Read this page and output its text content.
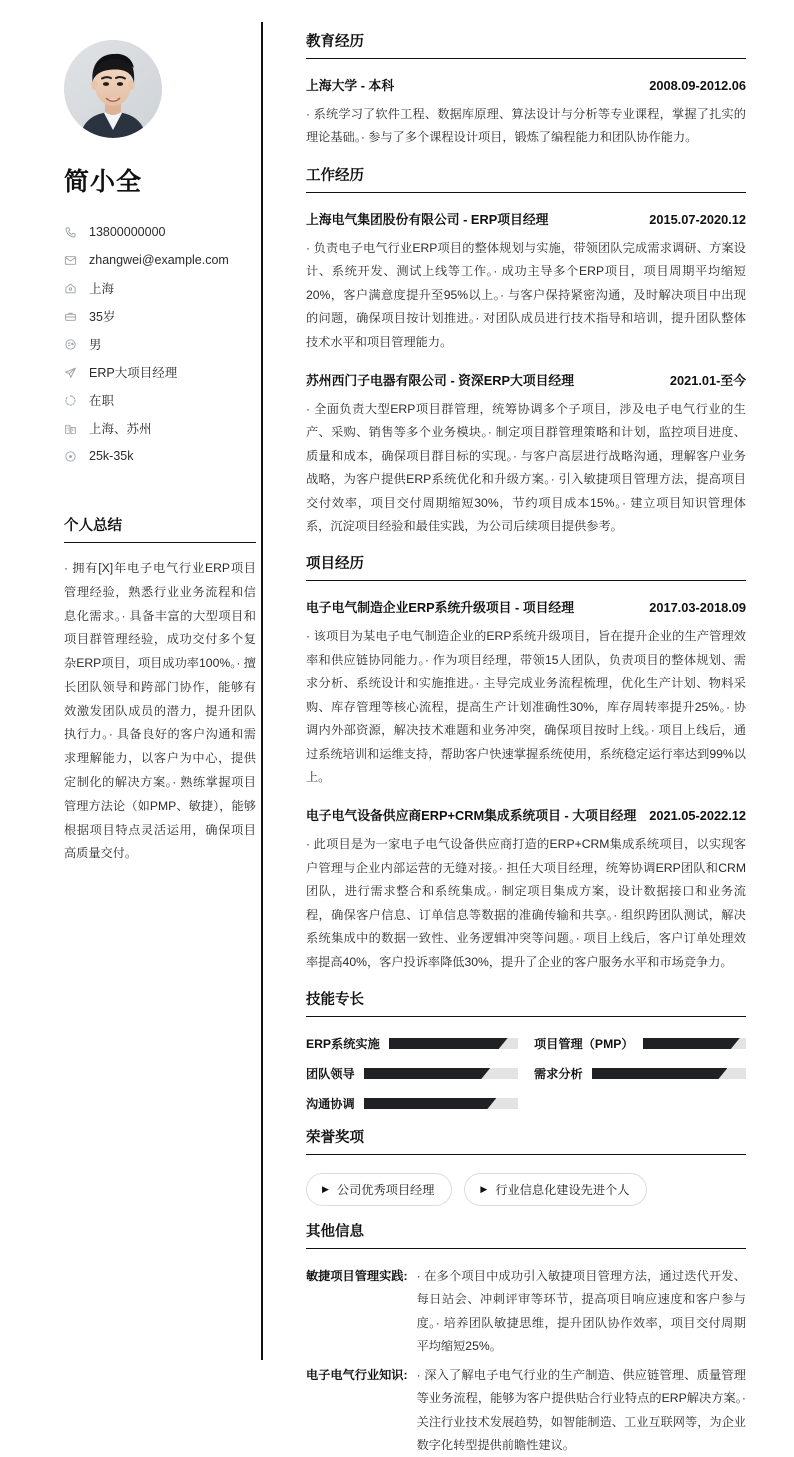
简小全
13800000000
zhangwei@example.com
上海
35岁
男
ERP大项目经理
在职
上海、苏州
25k-35k
个人总结
· 拥有[X]年电子电气行业ERP项目管理经验，熟悉行业业务流程和信息化需求。· 具备丰富的大型项目和项目群管理经验，成功交付多个复杂ERP项目，项目成功率100%。· 擅长团队领导和跨部门协作，能够有效激发团队成员的潜力，提升团队执行力。· 具备良好的客户沟通和需求理解能力，以客户为中心，提供定制化的解决方案。· 熟练掌握项目管理方法论（如PMP、敏捷），能够根据项目特点灵活运用，确保项目高质量交付。
教育经历
上海大学 - 本科	2008.09-2012.06
· 系统学习了软件工程、数据库原理、算法设计与分析等专业课程，掌握了扎实的理论基础。· 参与了多个课程设计项目，锻炼了编程能力和团队协作能力。
工作经历
上海电气集团股份有限公司 - ERP项目经理	2015.07-2020.12
· 负责电子电气行业ERP项目的整体规划与实施，带领团队完成需求调研、方案设计、系统开发、测试上线等工作。· 成功主导多个ERP项目，项目周期平均缩短20%，客户满意度提升至95%以上。· 与客户保持紧密沟通，及时解决项目中出现的问题，确保项目按计划推进。· 对团队成员进行技术指导和培训，提升团队整体技术水平和项目管理能力。
苏州西门子电器有限公司 - 资深ERP大项目经理	2021.01-至今
· 全面负责大型ERP项目群管理，统筹协调多个子项目，涉及电子电气行业的生产、采购、销售等多个业务模块。· 制定项目群管理策略和计划，监控项目进度、质量和成本，确保项目群目标的实现。· 与客户高层进行战略沟通，理解客户业务战略，为客户提供ERP系统优化和升级方案。· 引入敏捷项目管理方法，提高项目交付效率，项目交付周期缩短30%，节约项目成本15%。· 建立项目知识管理体系，沉淀项目经验和最佳实践，为公司后续项目提供参考。
项目经历
电子电气制造企业ERP系统升级项目 - 项目经理	2017.03-2018.09
· 该项目为某电子电气制造企业的ERP系统升级项目，旨在提升企业的生产管理效率和供应链协同能力。· 作为项目经理，带领15人团队，负责项目的整体规划、需求分析、系统设计和实施推进。· 主导完成业务流程梳理，优化生产计划、物料采购、库存管理等核心流程，提高生产计划准确性30%，库存周转率提升25%。· 协调内外部资源，解决技术难题和业务冲突，确保项目按时上线。· 项目上线后，通过系统培训和运维支持，帮助客户快速掌握系统使用，系统稳定运行率达到99%以上。
电子电气设备供应商ERP+CRM集成系统项目 - 大项目经理 2021.05-2022.12
· 此项目是为一家电子电气设备供应商打造的ERP+CRM集成系统项目，以实现客户管理与企业内部运营的无缝对接。· 担任大项目经理，统筹协调ERP团队和CRM团队，进行需求整合和系统集成。· 制定项目集成方案，设计数据接口和业务流程，确保客户信息、订单信息等数据的准确传输和共享。· 组织跨团队测试，解决系统集成中的数据一致性、业务逻辑冲突等问题。· 项目上线后，客户订单处理效率提高40%，客户投诉率降低30%，提升了企业的客户服务水平和市场竞争力。
技能专长
ERP系统实施	项目管理（PMP）
团队领导	需求分析
沟通协调
荣誉奖项
▶ 公司优秀项目经理	▶ 行业信息化建设先进个人
其他信息
敏捷项目管理实践: · 在多个项目中成功引入敏捷项目管理方法，通过迭代开发、每日站会、冲刺评审等环节，提高项目响应速度和客户参与度。· 培养团队敏捷思维，提升团队协作效率，项目交付周期平均缩短25%。
电子电气行业知识: · 深入了解电子电气行业的生产制造、供应链管理、质量管理等业务流程，能够为客户提供贴合行业特点的ERP解决方案。· 关注行业技术发展趋势，如智能制造、工业互联网等，为企业数字化转型提供前瞻性建议。
